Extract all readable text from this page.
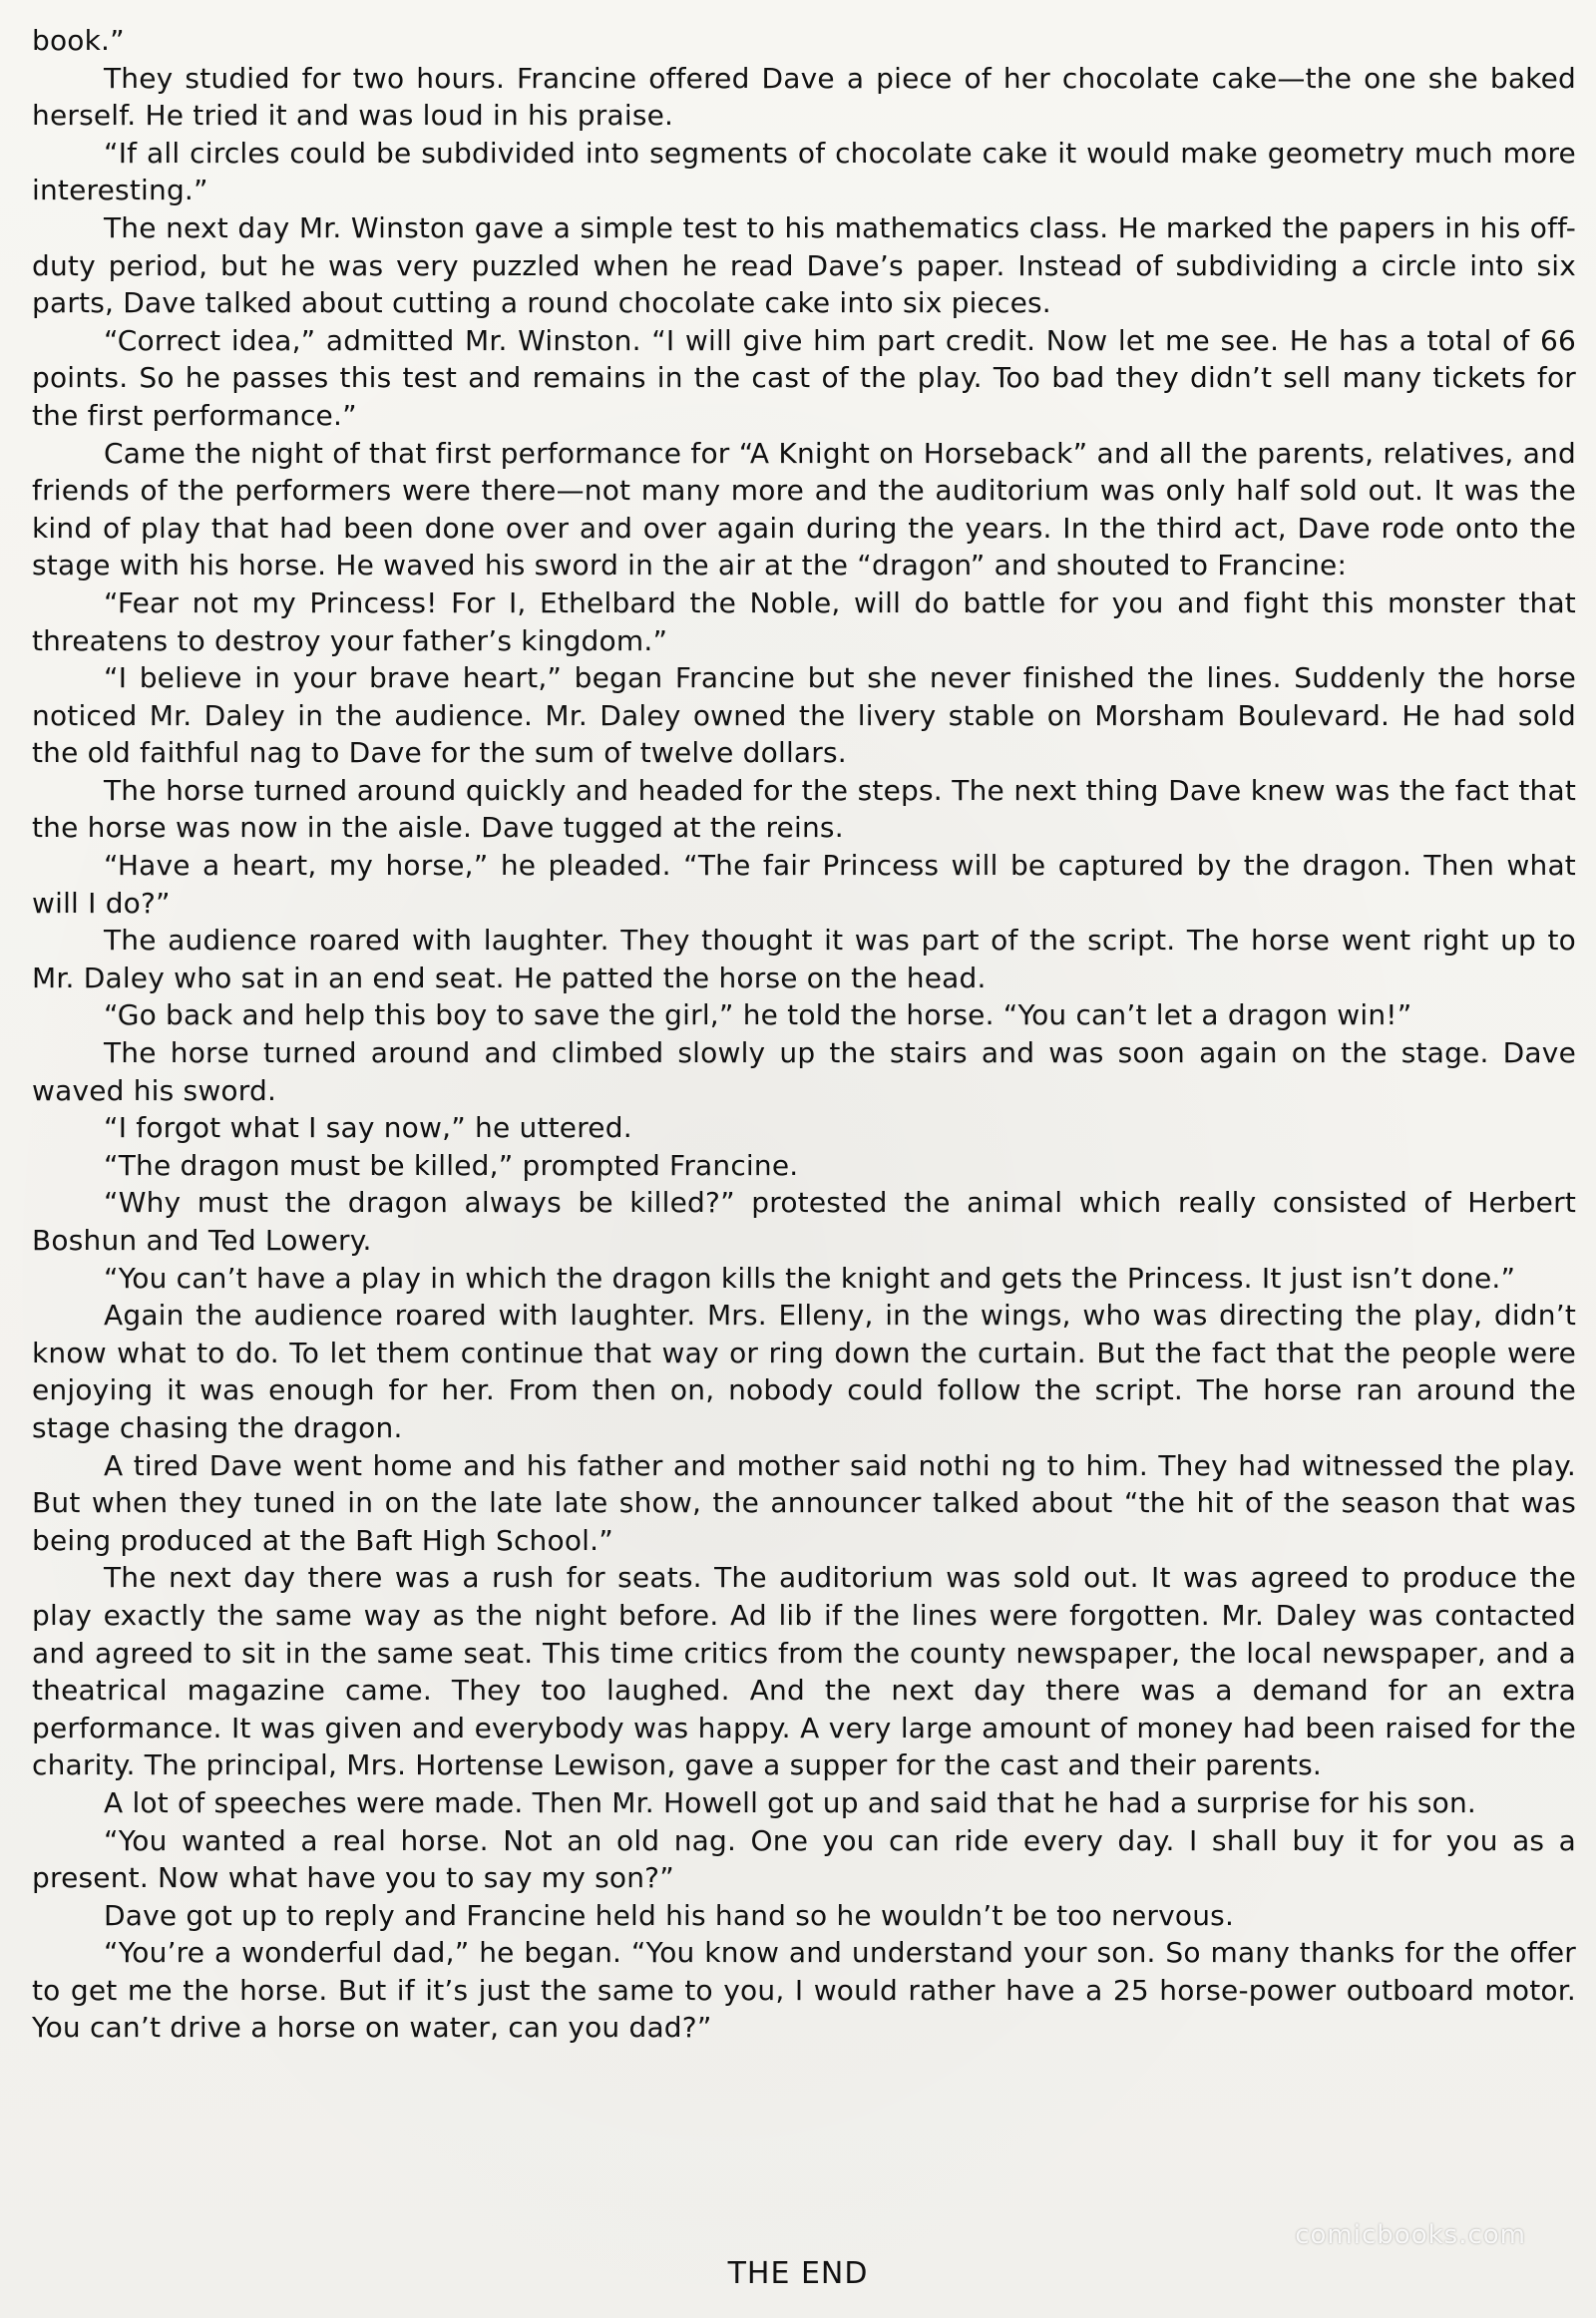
book.”

They studied for two hours. Francine offered Dave a piece of her chocolate cake—the one she baked herself. He tried it and was loud in his praise.

“If all circles could be subdivided into segments of chocolate cake it would make geometry much more interesting.”

The next day Mr. Winston gave a simple test to his mathematics class. He marked the papers in his off-duty period, but he was very puzzled when he read Dave’s paper. Instead of subdividing a circle into six parts, Dave talked about cutting a round chocolate cake into six pieces.

“Correct idea,” admitted Mr. Winston. “I will give him part credit. Now let me see. He has a total of 66 points. So he passes this test and remains in the cast of the play. Too bad they didn’t sell many tickets for the first performance.”

Came the night of that first performance for “A Knight on Horseback” and all the parents, relatives, and friends of the performers were there—not many more and the auditorium was only half sold out. It was the kind of play that had been done over and over again during the years. In the third act, Dave rode onto the stage with his horse. He waved his sword in the air at the “dragon” and shouted to Francine:

“Fear not my Princess! For I, Ethelbard the Noble, will do battle for you and fight this monster that threatens to destroy your father’s kingdom.”

“I believe in your brave heart,” began Francine but she never finished the lines. Suddenly the horse noticed Mr. Daley in the audience. Mr. Daley owned the livery stable on Morsham Boulevard. He had sold the old faithful nag to Dave for the sum of twelve dollars.

The horse turned around quickly and headed for the steps. The next thing Dave knew was the fact that the horse was now in the aisle. Dave tugged at the reins.

“Have a heart, my horse,” he pleaded. “The fair Princess will be captured by the dragon. Then what will I do?”

The audience roared with laughter. They thought it was part of the script. The horse went right up to Mr. Daley who sat in an end seat. He patted the horse on the head.

“Go back and help this boy to save the girl,” he told the horse. “You can’t let a dragon win!”

The horse turned around and climbed slowly up the stairs and was soon again on the stage. Dave waved his sword.

“I forgot what I say now,” he uttered.

“The dragon must be killed,” prompted Francine.

“Why must the dragon always be killed?” protested the animal which really consisted of Herbert Boshun and Ted Lowery.

“You can’t have a play in which the dragon kills the knight and gets the Princess. It just isn’t done.”

Again the audience roared with laughter. Mrs. Elleny, in the wings, who was directing the play, didn’t know what to do. To let them continue that way or ring down the curtain. But the fact that the people were enjoying it was enough for her. From then on, nobody could follow the script. The horse ran around the stage chasing the dragon.

A tired Dave went home and his father and mother said nothi ng to him. They had witnessed the play. But when they tuned in on the late late show, the announcer talked about “the hit of the season that was being produced at the Baft High School.”

The next day there was a rush for seats. The auditorium was sold out. It was agreed to produce the play exactly the same way as the night before. Ad lib if the lines were forgotten. Mr. Daley was contacted and agreed to sit in the same seat. This time critics from the county newspaper, the local newspaper, and a theatrical magazine came. They too laughed. And the next day there was a demand for an extra performance. It was given and everybody was happy. A very large amount of money had been raised for the charity. The principal, Mrs. Hortense Lewison, gave a supper for the cast and their parents.

A lot of speeches were made. Then Mr. Howell got up and said that he had a surprise for his son.

“You wanted a real horse. Not an old nag. One you can ride every day. I shall buy it for you as a present. Now what have you to say my son?”

Dave got up to reply and Francine held his hand so he wouldn’t be too nervous.

“You’re a wonderful dad,” he began. “You know and understand your son. So many thanks for the offer to get me the horse. But if it’s just the same to you, I would rather have a 25 horse-power outboard motor. You can’t drive a horse on water, can you dad?”

comicbooks.com
THE END
